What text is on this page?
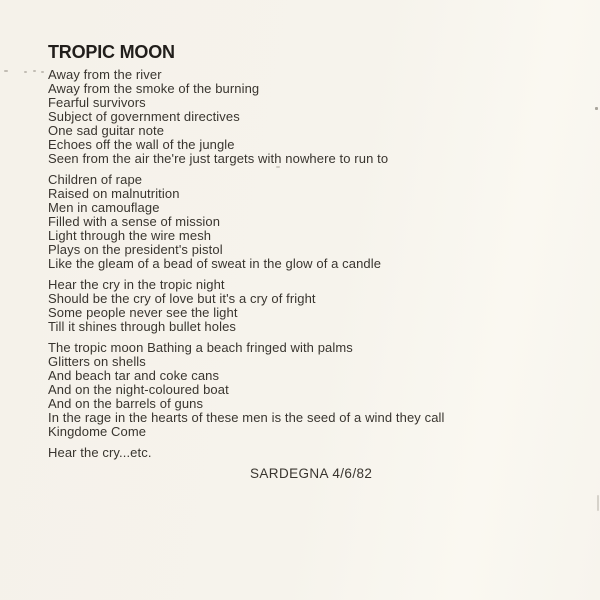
TROPIC MOON
Away from the river
Away from the smoke of the burning
Fearful survivors
Subject of government directives
One sad guitar note
Echoes off the wall of the jungle
Seen from the air the're just targets with nowhere to run to
Children of rape
Raised on malnutrition
Men in camouflage
Filled with a sense of mission
Light through the wire mesh
Plays on the president's pistol
Like the gleam of a bead of sweat in the glow of a candle
Hear the cry in the tropic night
Should be the cry of love but it's a cry of fright
Some people never see the light
Till it shines through bullet holes
The tropic moon Bathing a beach fringed with palms
Glitters on shells
And beach tar and coke cans
And on the night-coloured boat
And on the barrels of guns
In the rage in the hearts of these men is the seed of a wind they call
Kingdome Come
Hear the cry...etc.
SARDEGNA 4/6/82
